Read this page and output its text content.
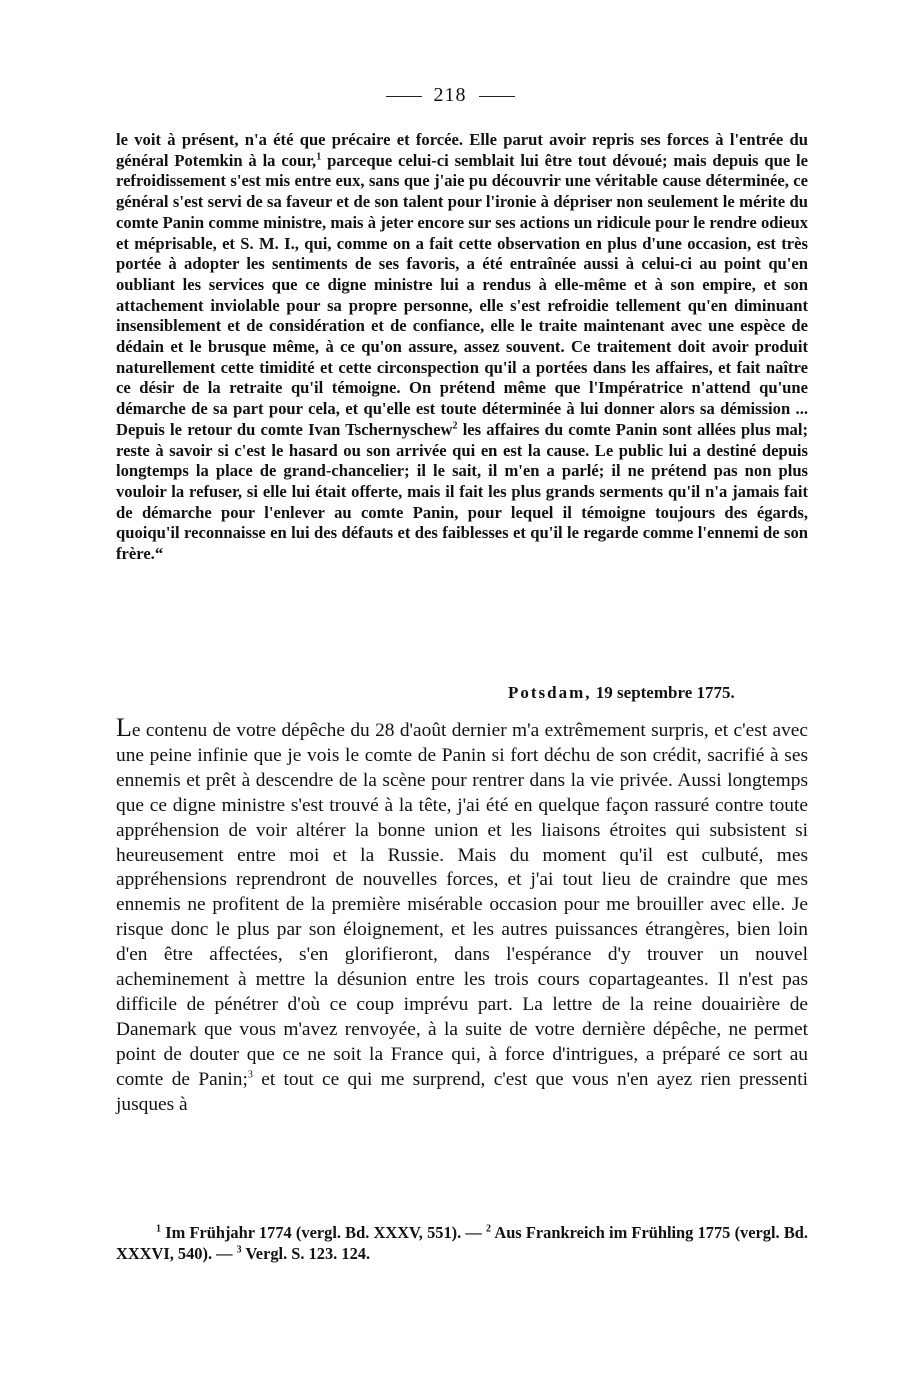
218

le voit à présent, n'a été que précaire et forcée. Elle parut avoir repris ses forces à l'entrée du général Potemkin à la cour,$^1$ parceque celui-ci semblait lui être tout dévoué; mais depuis que le refroidissement s'est mis entre eux, sans que j'aie pu découvrir une véritable cause déterminée, ce général s'est servi de sa faveur et de son talent pour l'ironie à dépriser non seulement le mérite du comte Panin comme ministre, mais à jeter encore sur ses actions un ridicule pour le rendre odieux et méprisable, et S. M. I., qui, comme on a fait cette observation en plus d'une occasion, est très portée à adopter les sentiments de ses favoris, a été entraînée aussi à celui-ci au point qu'en oubliant les services que ce digne ministre lui a rendus à elle-même et à son empire, et son attachement inviolable pour sa propre personne, elle s'est refroidie tellement qu'en diminuant insensiblement et de considération et de confiance, elle le traite maintenant avec une espèce de dédain et le brusque même, à ce qu'on assure, assez souvent. Ce traitement doit avoir produit naturellement cette timidité et cette circonspection qu'il a portées dans les affaires, et fait naître ce désir de la retraite qu'il témoigne. On prétend même que l'Impératrice n'attend qu'une démarche de sa part pour cela, et qu'elle est toute déterminée à lui donner alors sa démission ... Depuis le retour du comte Ivan Tschernyschew$^2$ les affaires du comte Panin sont allées plus mal; reste à savoir si c'est le hasard ou son arrivée qui en est la cause. Le public lui a destiné depuis longtemps la place de grand-chancelier; il le sait, il m'en a parlé; il ne prétend pas non plus vouloir la refuser, si elle lui était offerte, mais il fait les plus grands serments qu'il n'a jamais fait de démarche pour l'enlever au comte Panin, pour lequel il témoigne toujours des égards, quoiqu'il reconnaisse en lui des défauts et des faiblesses et qu'il le regarde comme l'ennemi de son frère.“

Potsdam, 19 septembre 1775.

Le contenu de votre dépêche du 28 d'août dernier m'a extrêmement surpris, et c'est avec une peine infinie que je vois le comte de Panin si fort déchu de son crédit, sacrifié à ses ennemis et prêt à descendre de la scène pour rentrer dans la vie privée. Aussi longtemps que ce digne ministre s'est trouvé à la tête, j'ai été en quelque façon rassuré contre toute appréhension de voir altérer la bonne union et les liaisons étroites qui subsistent si heureusement entre moi et la Russie. Mais du moment qu'il est culbuté, mes appréhensions reprendront de nouvelles forces, et j'ai tout lieu de craindre que mes ennemis ne profitent de la première misérable occasion pour me brouiller avec elle. Je risque donc le plus par son éloignement, et les autres puissances étrangères, bien loin d'en être affectées, s'en glorifieront, dans l'espérance d'y trouver un nouvel acheminement à mettre la désunion entre les trois cours copartageantes. Il n'est pas difficile de pénétrer d'où ce coup imprévu part. La lettre de la reine douairière de Danemark que vous m'avez renvoyée, à la suite de votre dernière dépêche, ne permet point de douter que ce ne soit la France qui, à force d'intrigues, a préparé ce sort au comte de Panin;$^3$ et tout ce qui me surprend, c'est que vous n'en ayez rien pressenti jusques à

$^1$ Im Frühjahr 1774 (vergl. Bd. XXXV, 551). — $^2$ Aus Frankreich im Frühling 1775 (vergl. Bd. XXXVI, 540). — $^3$ Vergl. S. 123. 124.
